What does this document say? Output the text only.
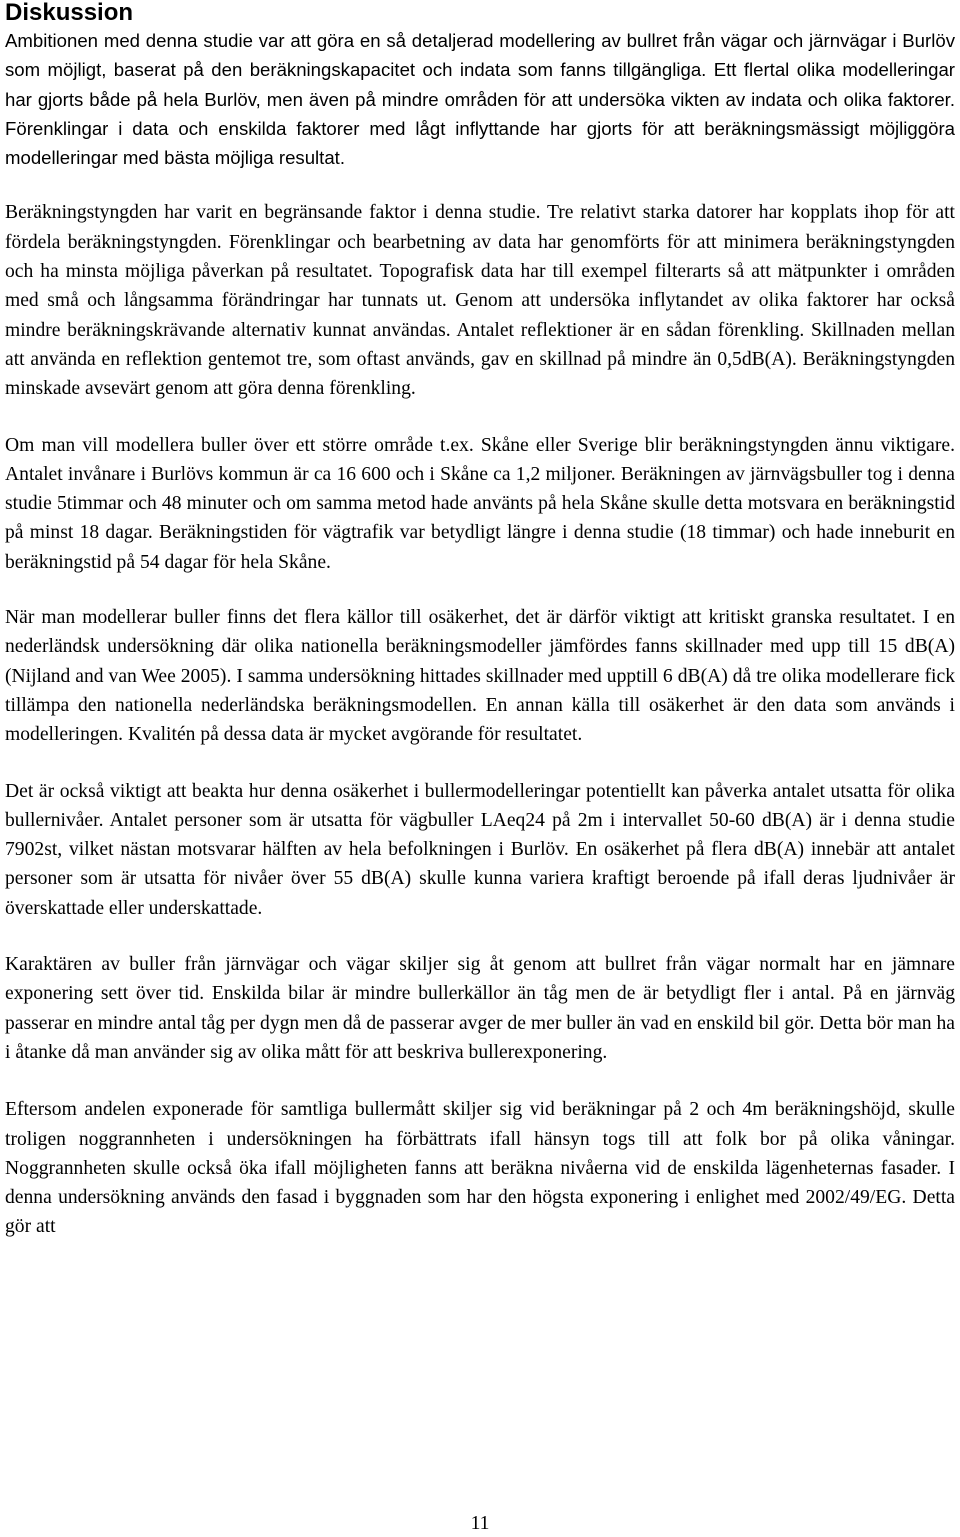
Diskussion

Ambitionen med denna studie var att göra en så detaljerad modellering av bullret från vägar och järnvägar i Burlöv som möjligt, baserat på den beräkningskapacitet och indata som fanns tillgängliga. Ett flertal olika modelleringar har gjorts både på hela Burlöv, men även på mindre områden för att undersöka vikten av indata och olika faktorer. Förenklingar i data och enskilda faktorer med lågt inflyttande har gjorts för att beräkningsmässigt möjliggöra modelleringar med bästa möjliga resultat.

Beräkningstyngden har varit en begränsande faktor i denna studie. Tre relativt starka datorer har kopplats ihop för att fördela beräkningstyngden. Förenklingar och bearbetning av data har genomförts för att minimera beräkningstyngden och ha minsta möjliga påverkan på resultatet. Topografisk data har till exempel filterarts så att mätpunkter i områden med små och långsamma förändringar har tunnats ut. Genom att undersöka inflytandet av olika faktorer har också mindre beräkningskrävande alternativ kunnat användas. Antalet reflektioner är en sådan förenkling. Skillnaden mellan att använda en reflektion gentemot tre, som oftast används, gav en skillnad på mindre än 0,5dB(A). Beräkningstyngden minskade avsevärt genom att göra denna förenkling.

Om man vill modellera buller över ett större område t.ex. Skåne eller Sverige blir beräkningstyngden ännu viktigare. Antalet invånare i Burlövs kommun är ca 16 600 och i Skåne ca 1,2 miljoner. Beräkningen av järnvägsbuller tog i denna studie 5timmar och 48 minuter och om samma metod hade använts på hela Skåne skulle detta motsvara en beräkningstid på minst 18 dagar. Beräkningstiden för vägtrafik var betydligt längre i denna studie (18 timmar) och hade inneburit en beräkningstid på 54 dagar för hela Skåne.

När man modellerar buller finns det flera källor till osäkerhet, det är därför viktigt att kritiskt granska resultatet. I en nederländsk undersökning där olika nationella beräkningsmodeller jämfördes fanns skillnader med upp till 15 dB(A) (Nijland and van Wee 2005). I samma undersökning hittades skillnader med upptill 6 dB(A) då tre olika modellerare fick tillämpa den nationella nederländska beräkningsmodellen. En annan källa till osäkerhet är den data som används i modelleringen. Kvalitén på dessa data är mycket avgörande för resultatet.

Det är också viktigt att beakta hur denna osäkerhet i bullermodelleringar potentiellt kan påverka antalet utsatta för olika bullernivåer. Antalet personer som är utsatta för vägbuller LAeq24 på 2m i intervallet 50-60 dB(A) är i denna studie 7902st, vilket nästan motsvarar hälften av hela befolkningen i Burlöv. En osäkerhet på flera dB(A) innebär att antalet personer som är utsatta för nivåer över 55 dB(A) skulle kunna variera kraftigt beroende på ifall deras ljudnivåer är överskattade eller underskattade.

Karaktären av buller från järnvägar och vägar skiljer sig åt genom att bullret från vägar normalt har en jämnare exponering sett över tid. Enskilda bilar är mindre bullerkällor än tåg men de är betydligt fler i antal. På en järnväg passerar en mindre antal tåg per dygn men då de passerar avger de mer buller än vad en enskild bil gör. Detta bör man ha i åtanke då man använder sig av olika mått för att beskriva bullerexponering.

Eftersom andelen exponerade för samtliga bullermått skiljer sig vid beräkningar på 2 och 4m beräkningshöjd, skulle troligen noggrannheten i undersökningen ha förbättrats ifall hänsyn togs till att folk bor på olika våningar. Noggrannheten skulle också öka ifall möjligheten fanns att beräkna nivåerna vid de enskilda lägenheternas fasader. I denna undersökning används den fasad i byggnaden som har den högsta exponering i enlighet med 2002/49/EG. Detta gör att

11
